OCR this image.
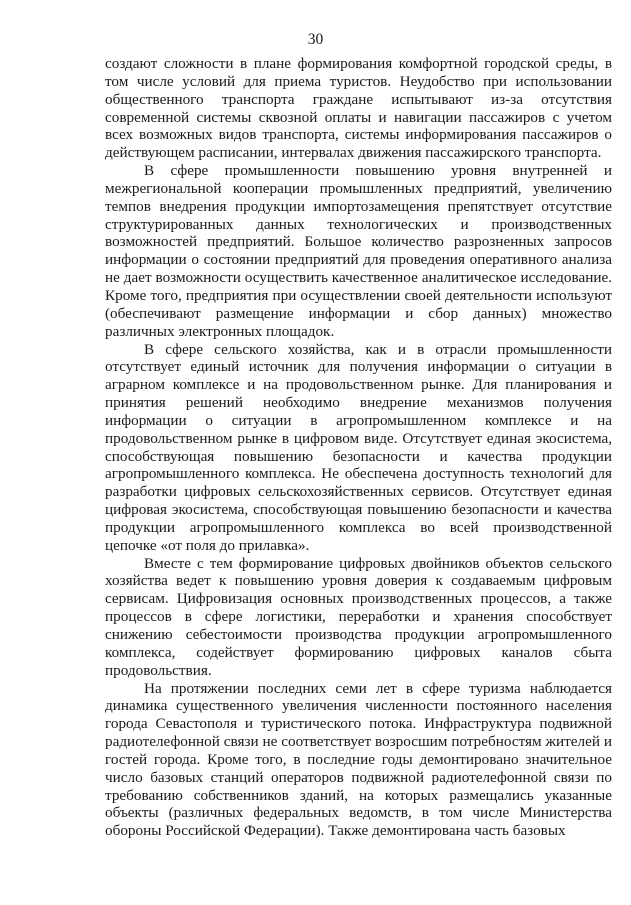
30

создают сложности в плане формирования комфортной городской среды, в том числе условий для приема туристов. Неудобство при использовании общественного транспорта граждане испытывают из-за отсутствия современной системы сквозной оплаты и навигации пассажиров с учетом всех возможных видов транспорта, системы информирования пассажиров о действующем расписании, интервалах движения пассажирского транспорта.

В сфере промышленности повышению уровня внутренней и межрегиональной кооперации промышленных предприятий, увеличению темпов внедрения продукции импортозамещения препятствует отсутствие структурированных данных технологических и производственных возможностей предприятий. Большое количество разрозненных запросов информации о состоянии предприятий для проведения оперативного анализа не дает возможности осуществить качественное аналитическое исследование. Кроме того, предприятия при осуществлении своей деятельности используют (обеспечивают размещение информации и сбор данных) множество различных электронных площадок.

В сфере сельского хозяйства, как и в отрасли промышленности отсутствует единый источник для получения информации о ситуации в аграрном комплексе и на продовольственном рынке. Для планирования и принятия решений необходимо внедрение механизмов получения информации о ситуации в агропромышленном комплексе и на продовольственном рынке в цифровом виде. Отсутствует единая экосистема, способствующая повышению безопасности и качества продукции агропромышленного комплекса. Не обеспечена доступность технологий для разработки цифровых сельскохозяйственных сервисов. Отсутствует единая цифровая экосистема, способствующая повышению безопасности и качества продукции агропромышленного комплекса во всей производственной цепочке «от поля до прилавка».

Вместе с тем формирование цифровых двойников объектов сельского хозяйства ведет к повышению уровня доверия к создаваемым цифровым сервисам. Цифровизация основных производственных процессов, а также процессов в сфере логистики, переработки и хранения способствует снижению себестоимости производства продукции агропромышленного комплекса, содействует формированию цифровых каналов сбыта продовольствия.

На протяжении последних семи лет в сфере туризма наблюдается динамика существенного увеличения численности постоянного населения города Севастополя и туристического потока. Инфраструктура подвижной радиотелефонной связи не соответствует возросшим потребностям жителей и гостей города. Кроме того, в последние годы демонтировано значительное число базовых станций операторов подвижной радиотелефонной связи по требованию собственников зданий, на которых размещались указанные объекты (различных федеральных ведомств, в том числе Министерства обороны Российской Федерации). Также демонтирована часть базовых
